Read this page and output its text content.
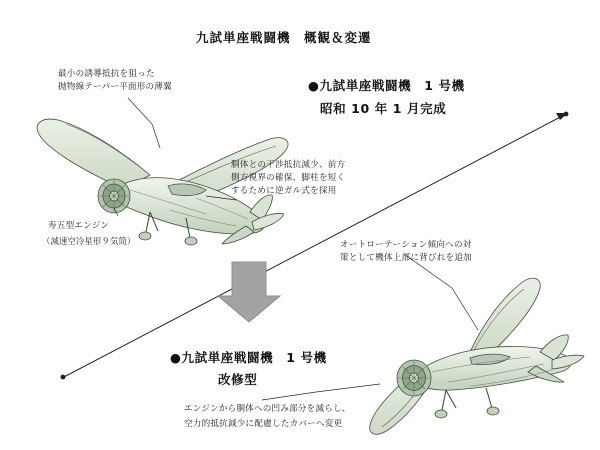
九試単座戦闘機　概観＆変遷
●九試単座戦闘機　1 号機
昭和 10 年 1 月完成
●九試単座戦闘機　1 号機
改修型
最小の誘導抵抗を狙った
抛物線テーパー平面形の薄翼
胴体との干渉抵抗減少、前方
側方視界の確保、脚柱を短く
するために逆ガル式を採用
寿五型エンジン
（減速空冷星形９気筒）	オートローテーション傾向への対
策として機体上部に背びれを追加
エンジンから胴体への凹み部分を減らし、
空力的抵抗減少に配慮したカバーへ変更
